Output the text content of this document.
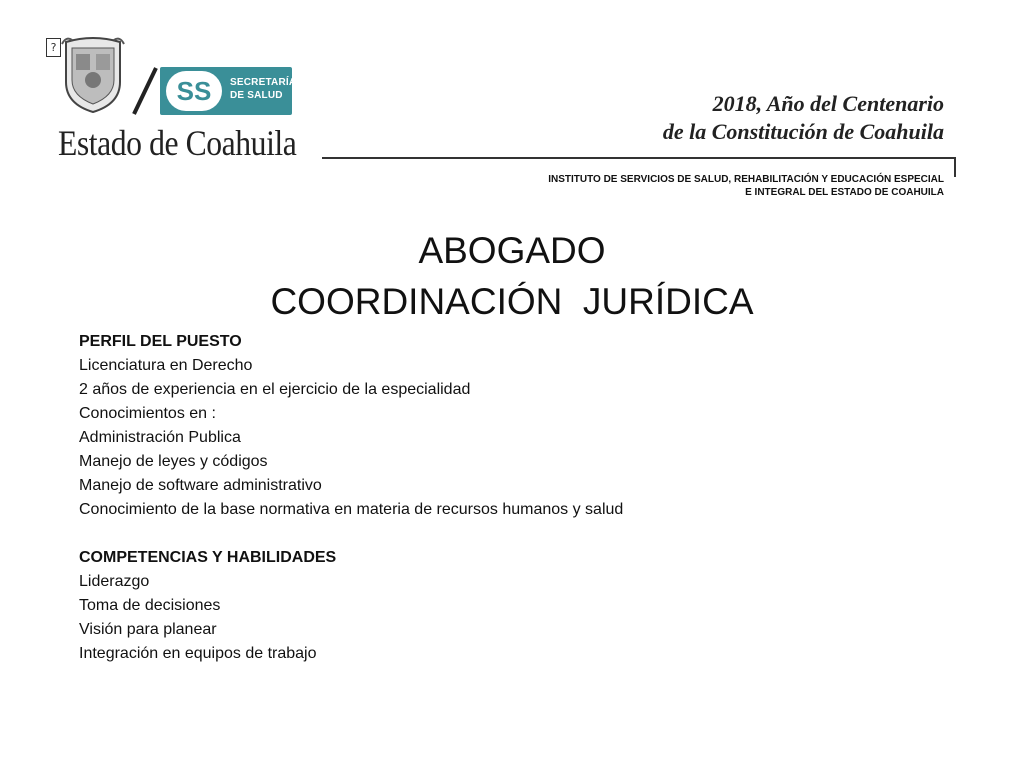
?
SS	SECRETARÍA
DE SALUD
Estado de Coahuila
2018, Año del Centenario
de la Constitución de Coahuila
INSTITUTO DE SERVICIOS DE SALUD, REHABILITACIÓN Y EDUCACIÓN ESPECIAL
E INTEGRAL DEL ESTADO DE COAHUILA
ABOGADO
COORDINACIÓN  JURÍDICA
PERFIL DEL PUESTO
Licenciatura en Derecho
2 años de experiencia en el ejercicio de la especialidad
Conocimientos en :
Administración Publica
Manejo de leyes y códigos
Manejo de software administrativo
Conocimiento de la base normativa en materia de recursos humanos y salud
COMPETENCIAS Y HABILIDADES
Liderazgo
Toma de decisiones
Visión para planear
Integración en equipos de trabajo
